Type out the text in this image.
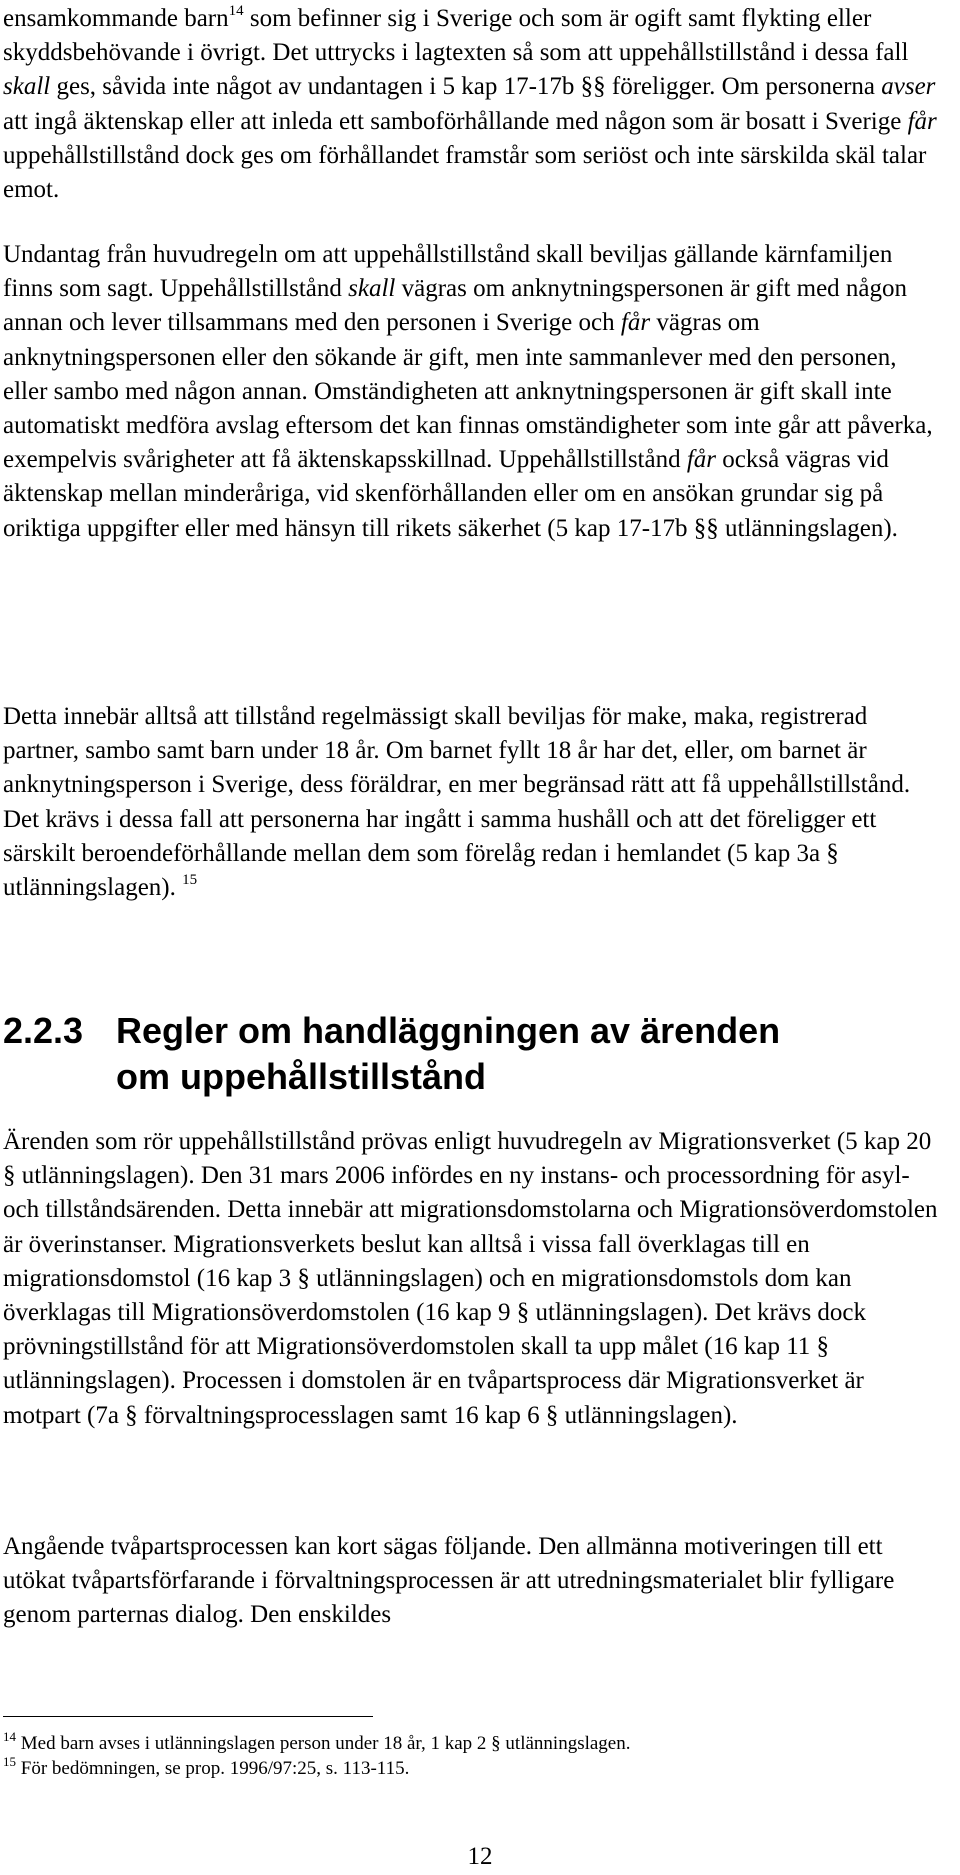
ensamkommande barn$^{14}$ som befinner sig i Sverige och som är ogift samt flykting eller skyddsbehövande i övrigt. Det uttrycks i lagtexten så som att uppehållstillstånd i dessa fall skall ges, såvida inte något av undantagen i 5 kap 17-17b §§ föreligger. Om personerna avser att ingå äktenskap eller att inleda ett samboförhållande med någon som är bosatt i Sverige får uppehållstillstånd dock ges om förhållandet framstår som seriöst och inte särskilda skäl talar emot.

Undantag från huvudregeln om att uppehållstillstånd skall beviljas gällande kärnfamiljen finns som sagt. Uppehållstillstånd skall vägras om anknytningspersonen är gift med någon annan och lever tillsammans med den personen i Sverige och får vägras om anknytningspersonen eller den sökande är gift, men inte sammanlever med den personen, eller sambo med någon annan. Omständigheten att anknytningspersonen är gift skall inte automatiskt medföra avslag eftersom det kan finnas omständigheter som inte går att påverka, exempelvis svårigheter att få äktenskapsskillnad. Uppehållstillstånd får också vägras vid äktenskap mellan minderåriga, vid skenförhållanden eller om en ansökan grundar sig på oriktiga uppgifter eller med hänsyn till rikets säkerhet (5 kap 17-17b §§ utlänningslagen).

Detta innebär alltså att tillstånd regelmässigt skall beviljas för make, maka, registrerad partner, sambo samt barn under 18 år. Om barnet fyllt 18 år har det, eller, om barnet är anknytningsperson i Sverige, dess föräldrar, en mer begränsad rätt att få uppehållstillstånd. Det krävs i dessa fall att personerna har ingått i samma hushåll och att det föreligger ett särskilt beroendeförhållande mellan dem som förelåg redan i hemlandet (5 kap 3a § utlänningslagen). $^{15}$

2.2.3 Regler om handläggningen av ärenden
om uppehållstillstånd

Ärenden som rör uppehållstillstånd prövas enligt huvudregeln av Migrationsverket (5 kap 20 § utlänningslagen). Den 31 mars 2006 infördes en ny instans- och processordning för asyl- och tillståndsärenden. Detta innebär att migrationsdomstolarna och Migrationsöverdomstolen är överinstanser. Migrationsverkets beslut kan alltså i vissa fall överklagas till en migrationsdomstol (16 kap 3 § utlänningslagen) och en migrationsdomstols dom kan överklagas till Migrationsöverdomstolen (16 kap 9 § utlänningslagen). Det krävs dock prövningstillstånd för att Migrationsöverdomstolen skall ta upp målet (16 kap 11 § utlänningslagen). Processen i domstolen är en tvåpartsprocess där Migrationsverket är motpart (7a § förvaltningsprocesslagen samt 16 kap 6 § utlänningslagen).

Angående tvåpartsprocessen kan kort sägas följande. Den allmänna motiveringen till ett utökat tvåpartsförfarande i förvaltningsprocessen är att utredningsmaterialet blir fylligare genom parternas dialog. Den enskildes

$^{14}$ Med barn avses i utlänningslagen person under 18 år, 1 kap 2 § utlänningslagen.
$^{15}$ För bedömningen, se prop. 1996/97:25, s. 113-115.
12
